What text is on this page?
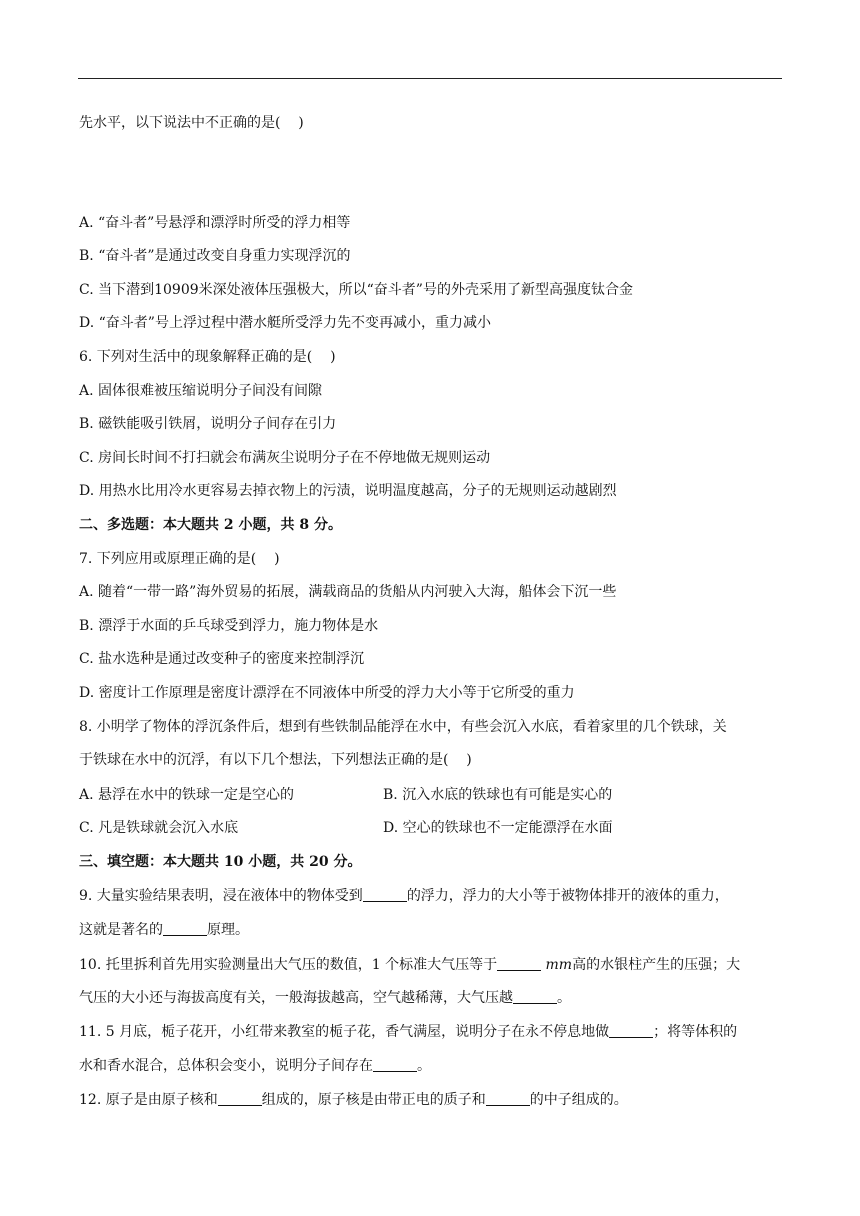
先水平，以下说法中不正确的是(    )
A. “奋斗者”号悬浮和漂浮时所受的浮力相等
B. “奋斗者”是通过改变自身重力实现浮沉的
C. 当下潜到10909米深处液体压强极大，所以“奋斗者”号的外壳采用了新型高强度钛合金
D. “奋斗者”号上浮过程中潜水艇所受浮力先不变再减小，重力减小
6. 下列对生活中的现象解释正确的是(    )
A. 固体很难被压缩说明分子间没有间隙
B. 磁铁能吸引铁屑，说明分子间存在引力
C. 房间长时间不打扫就会布满灰尘说明分子在不停地做无规则运动
D. 用热水比用冷水更容易去掉衣物上的污渍，说明温度越高，分子的无规则运动越剧烈
二、多选题：本大题共 2 小题，共 8 分。
7. 下列应用或原理正确的是(    )
A. 随着“一带一路”海外贸易的拓展，满载商品的货船从内河驶入大海，船体会下沉一些
B. 漂浮于水面的乒乓球受到浮力，施力物体是水
C. 盐水选种是通过改变种子的密度来控制浮沉
D. 密度计工作原理是密度计漂浮在不同液体中所受的浮力大小等于它所受的重力
8. 小明学了物体的浮沉条件后，想到有些铁制品能浮在水中，有些会沉入水底，看着家里的几个铁球，关
于铁球在水中的沉浮，有以下几个想法，下列想法正确的是(    )
A. 悬浮在水中的铁球一定是空心的	B. 沉入水底的铁球也有可能是实心的
C. 凡是铁球就会沉入水底	D. 空心的铁球也不一定能漂浮在水面
三、填空题：本大题共 10 小题，共 20 分。
9. 大量实验结果表明，浸在液体中的物体受到	的浮力，浮力的大小等于被物体排开的液体的重力，
这就是著名的	原理。
10. 托里拆利首先用实验测量出大气压的数值，1 个标准大气压等于	mm高的水银柱产生的压强；大
气压的大小还与海拔高度有关，一般海拔越高，空气越稀薄，大气压越	。
11. 5 月底，栀子花开，小红带来教室的栀子花，香气满屋，说明分子在永不停息地做	；将等体积的
水和香水混合，总体积会变小，说明分子间存在	。
12. 原子是由原子核和	组成的，原子核是由带正电的质子和	的中子组成的。
